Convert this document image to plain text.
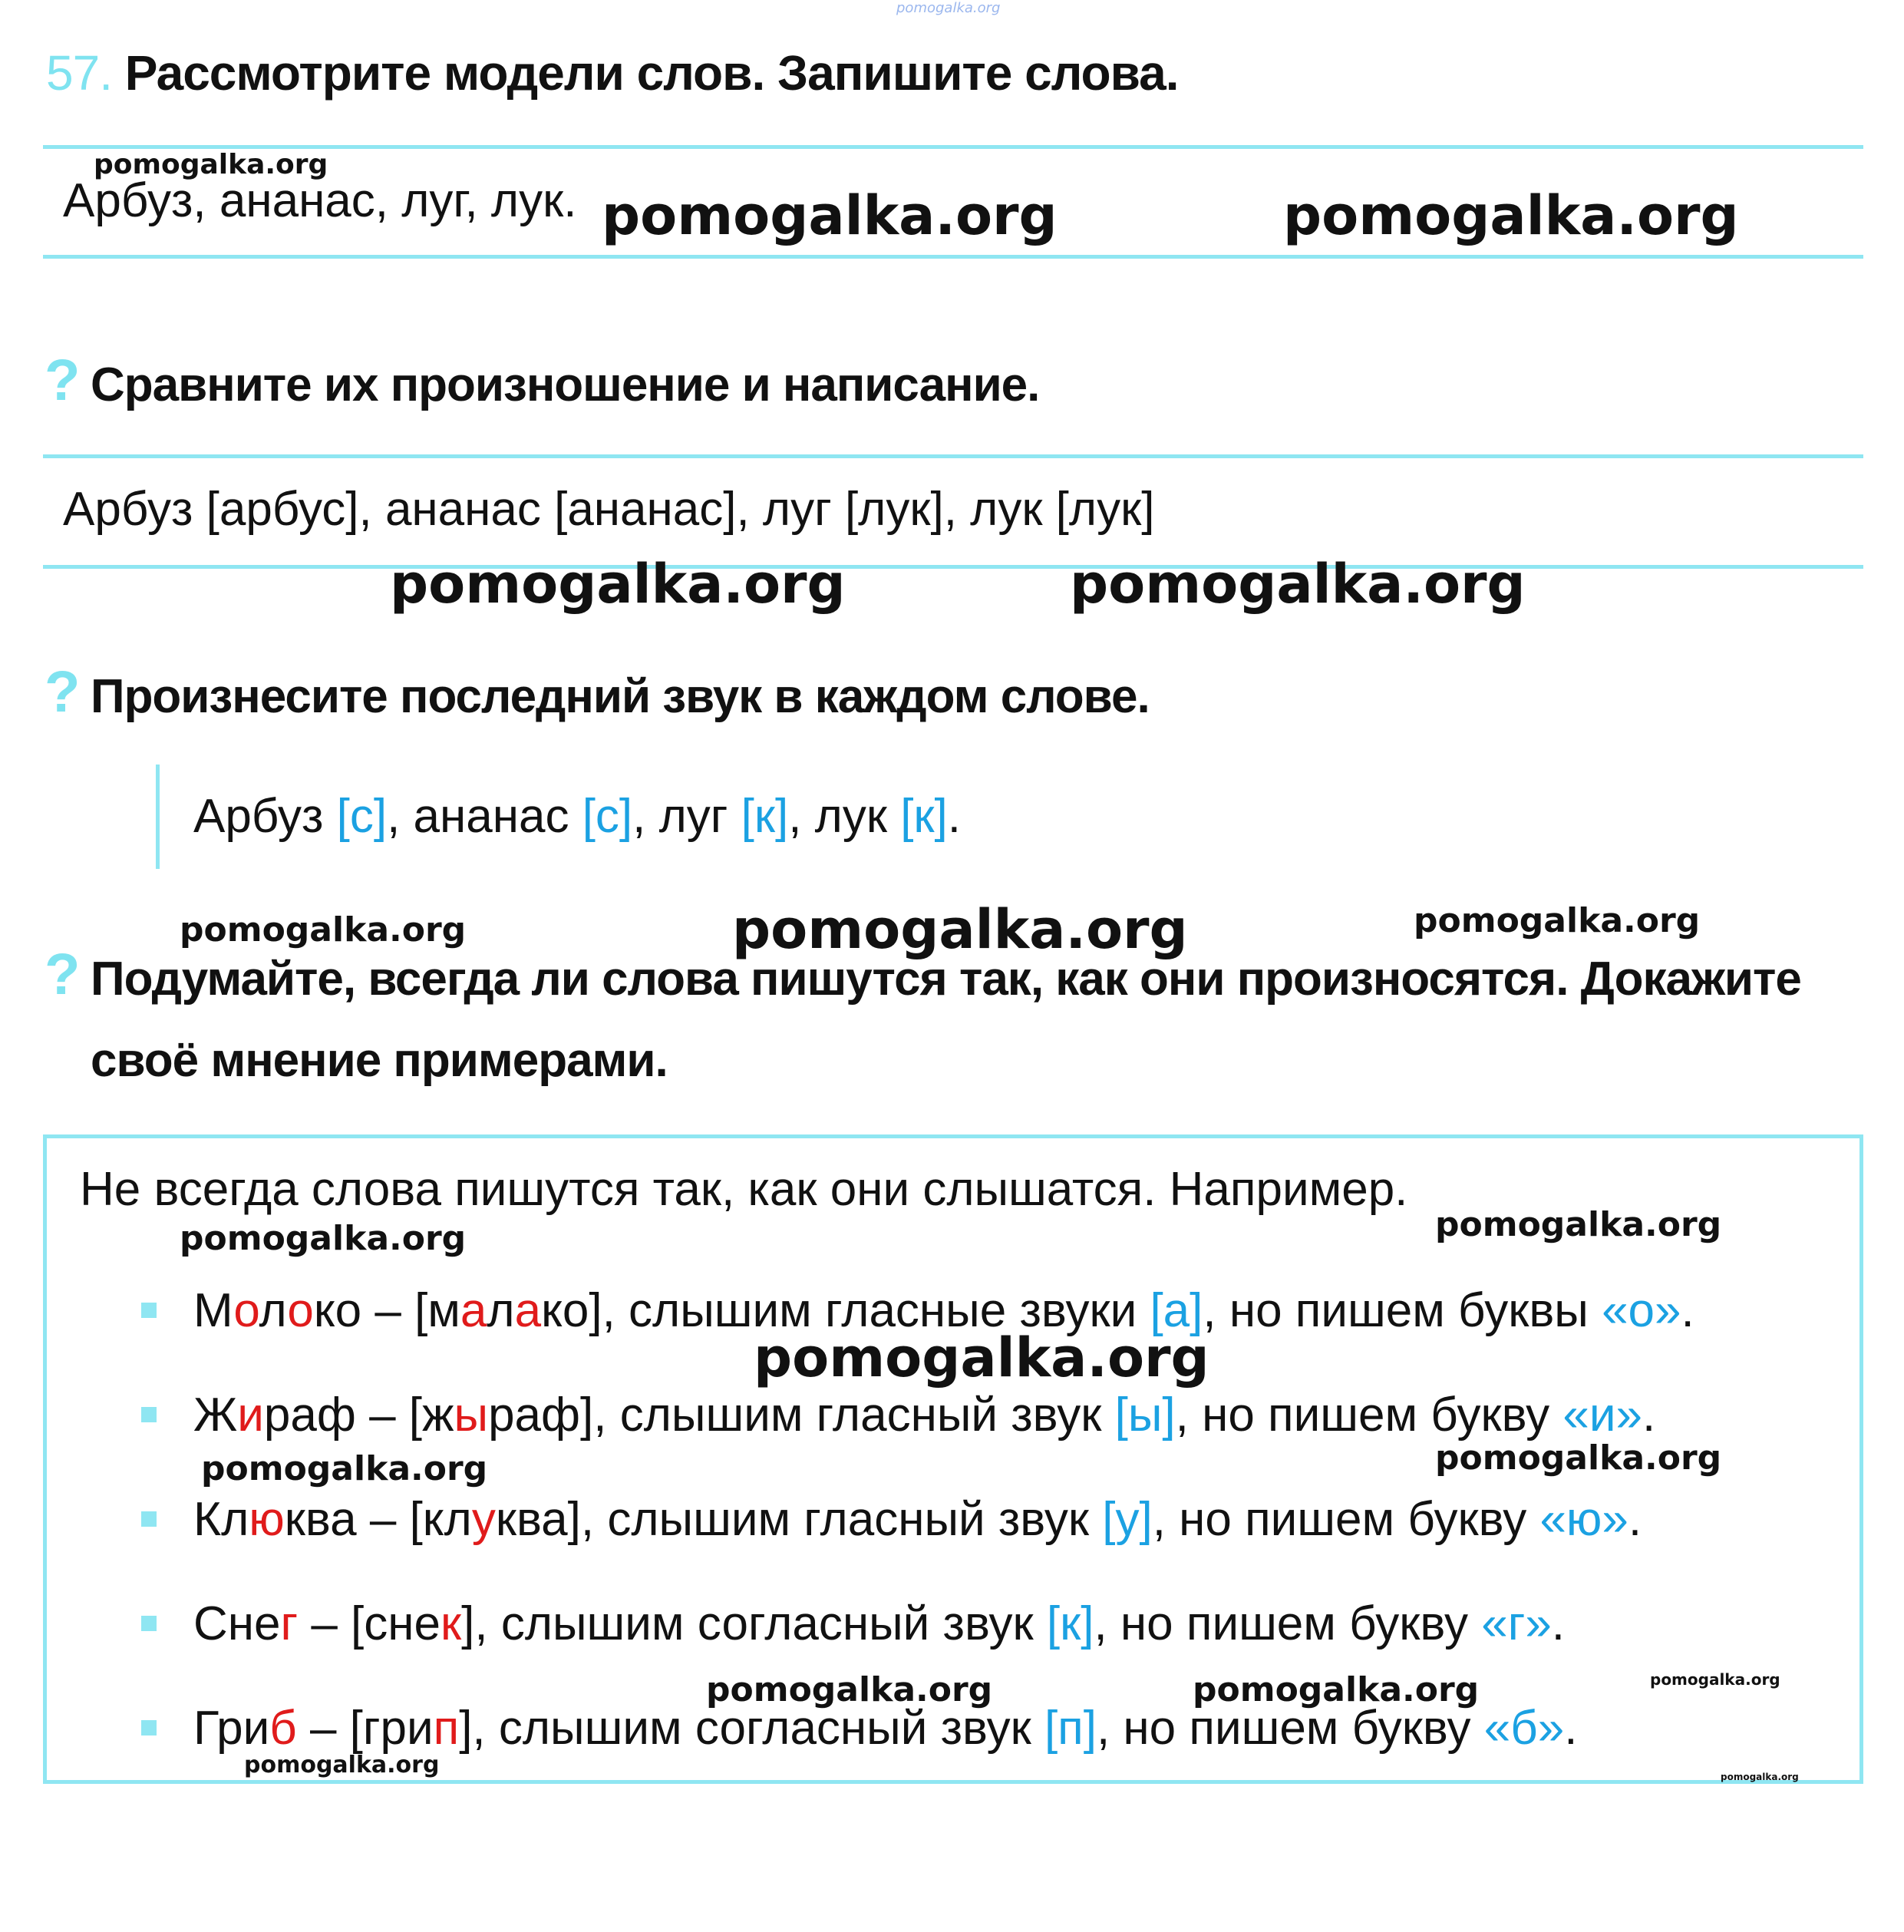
pomogalka.org
57. Рассмотрите модели слов. Запишите слова.
Арбуз, ананас, луг, лук.
? Сравните их произношение и написание.
Арбуз [арбус], ананас [ананас], луг [лук], лук [лук]
? Произнесите последний звук в каждом слове.
Арбуз [с], ананас [с], луг [к], лук [к].
? Подумайте, всегда ли слова пишутся так, как они произносятся. Докажите
своё мнение примерами.
Не всегда слова пишутся так, как они слышатся. Например.
Молоко – [малако], слышим гласные звуки [а], но пишем буквы «о».
Жираф – [жыраф], слышим гласный звук [ы], но пишем букву «и».
Клюква – [клуква], слышим гласный звук [у], но пишем букву «ю».
Снег – [снек], слышим согласный звук [к], но пишем букву «г».
Гриб – [грип], слышим согласный звук [п], но пишем букву «б».
pomogalka.org
pomogalka.org	pomogalka.org
pomogalka.org	pomogalka.org
pomogalka.org	pomogalka.org	pomogalka.org
pomogalka.org	pomogalka.org
pomogalka.org
pomogalka.org	pomogalka.org
pomogalka.org	pomogalka.org	pomogalka.org
pomogalka.org	pomogalka.org
